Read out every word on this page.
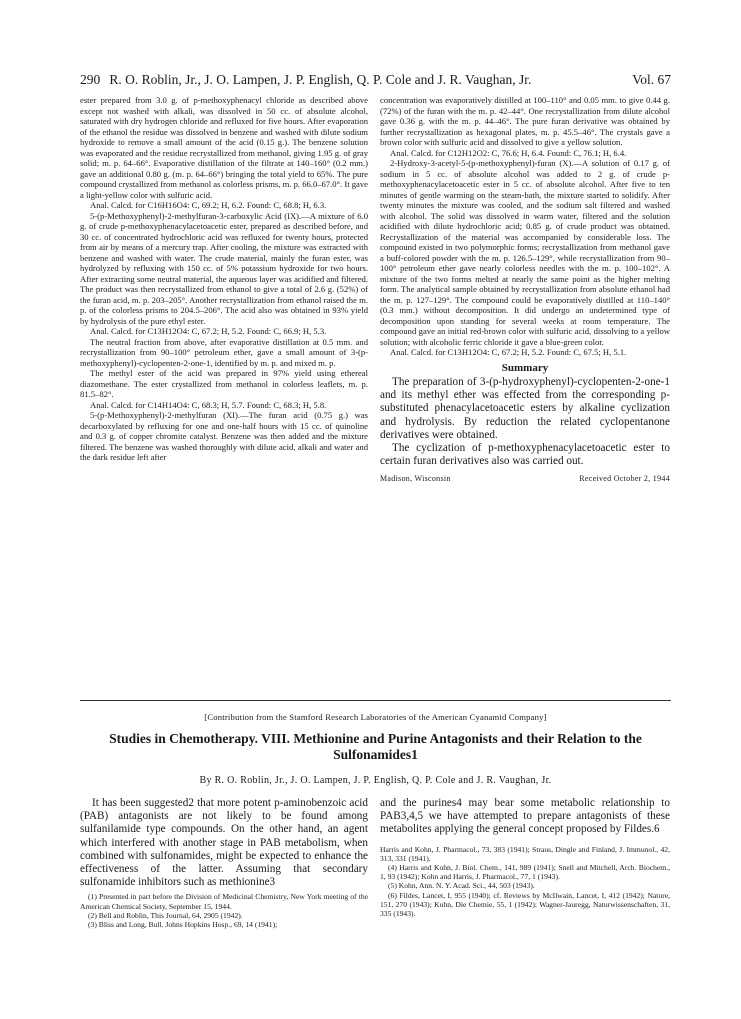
290 R. O. Roblin, Jr., J. O. Lampen, J. P. English, Q. P. Cole and J. R. Vaughan, Jr.	Vol. 67

ester prepared from 3.0 g. of p-methoxyphenacyl chloride as described above except not washed with alkali, was dissolved in 50 cc. of absolute alcohol, saturated with dry hydrogen chloride and refluxed for five hours. After evaporation of the ethanol the residue was dissolved in benzene and washed with dilute sodium hydroxide to remove a small amount of the acid (0.15 g.). The benzene solution was evaporated and the residue recrystallized from methanol, giving 1.95 g. of gray solid; m. p. 64–66°. Evaporative distillation of the filtrate at 140–160° (0.2 mm.) gave an additional 0.80 g. (m. p. 64–66°) bringing the total yield to 65%. The pure compound crystallized from methanol as colorless prisms, m. p. 66.0–67.0°. It gave a light-yellow color with sulfuric acid.

Anal. Calcd. for C16H16O4: C, 69.2; H, 6.2. Found: C, 68.8; H, 6.3.

5-(p-Methoxyphenyl)-2-methylfuran-3-carboxylic Acid (IX).—A mixture of 6.0 g. of crude p-methoxyphenacylacetoacetic ester, prepared as described before, and 30 cc. of concentrated hydrochloric acid was refluxed for twenty hours, protected from air by means of a mercury trap. After cooling, the mixture was extracted with benzene and washed with water. The crude material, mainly the furan ester, was hydrolyzed by refluxing with 150 cc. of 5% potassium hydroxide for two hours. After extracting some neutral material, the aqueous layer was acidified and filtered. The product was then recrystallized from ethanol to give a total of 2.6 g. (52%) of the furan acid, m. p. 203–205°. Another recrystallization from ethanol raised the m. p. of the colorless prisms to 204.5–206°. The acid also was obtained in 93% yield by hydrolysis of the pure ethyl ester.

Anal. Calcd. for C13H12O4: C, 67.2; H, 5.2. Found: C, 66.9; H, 5.3.

The neutral fraction from above, after evaporative distillation at 0.5 mm. and recrystallization from 90–100° petroleum ether, gave a small amount of 3-(p-methoxyphenyl)-cyclopenten-2-one-1, identified by m. p. and mixed m. p.

The methyl ester of the acid was prepared in 97% yield using ethereal diazomethane. The ester crystallized from methanol in colorless leaflets, m. p. 81.5–82°.

Anal. Calcd. for C14H14O4: C, 68.3; H, 5.7. Found: C, 68.3; H, 5.8.

5-(p-Methoxyphenyl)-2-methylfuran (XI).—The furan acid (0.75 g.) was decarboxylated by refluxing for one and one-half hours with 15 cc. of quinoline and 0.3 g. of copper chromite catalyst. Benzene was then added and the mixture filtered. The benzene was washed thoroughly with dilute acid, alkali and water and the dark residue left after

concentration was evaporatively distilled at 100–110° and 0.05 mm. to give 0.44 g. (72%) of the furan with the m. p. 42–44°. One recrystallization from dilute alcohol gave 0.36 g. with the m. p. 44–46°. The pure furan derivative was obtained by further recrystallization as hexagonal plates, m. p. 45.5–46°. The crystals gave a brown color with sulfuric acid and dissolved to give a yellow solution.

Anal. Calcd. for C12H12O2: C, 76.6; H, 6.4. Found: C, 76.1; H, 6.4.

2-Hydroxy-3-acetyl-5-(p-methoxyphenyl)-furan (X).—A solution of 0.17 g. of sodium in 5 cc. of absolute alcohol was added to 2 g. of crude p-methoxyphenacylacetoacetic ester in 5 cc. of absolute alcohol. After five to ten minutes of gentle warming on the steam-bath, the mixture started to solidify. After twenty minutes the mixture was cooled, and the sodium salt filtered and washed with alcohol. The solid was dissolved in warm water, filtered and the solution acidified with dilute hydrochloric acid; 0.85 g. of crude product was obtained. Recrystallization of the material was accompanied by considerable loss. The compound existed in two polymorphic forms; recrystallization from methanol gave a buff-colored powder with the m. p. 126.5–129°, while recrystallization from 90–100° petroleum ether gave nearly colorless needles with the m. p. 100–102°. A mixture of the two forms melted at nearly the same point as the higher melting form. The analytical sample obtained by recrystallization from absolute ethanol had the m. p. 127–129°. The compound could be evaporatively distilled at 110–140° (0.3 mm.) without decomposition. It did undergo an undetermined type of decomposition upon standing for several weeks at room temperature. The compound gave an initial red-brown color with sulfuric acid, dissolving to a yellow solution; with alcoholic ferric chloride it gave a blue-green color.

Anal. Calcd. for C13H12O4: C, 67.2; H, 5.2. Found: C, 67.5; H, 5.1.

Summary

The preparation of 3-(p-hydroxyphenyl)-cyclopenten-2-one-1 and its methyl ether was effected from the corresponding p-substituted phenacylacetoacetic esters by alkaline cyclization and hydrolysis. By reduction the related cyclopentanone derivatives were obtained.

The cyclization of p-methoxyphenacylacetoacetic ester to certain furan derivatives also was carried out.

Madison, Wisconsin	Received October 2, 1944
[Contribution from the Stamford Research Laboratories of the American Cyanamid Company]
Studies in Chemotherapy. VIII. Methionine and Purine Antagonists and their Relation to the Sulfonamides1
By R. O. Roblin, Jr., J. O. Lampen, J. P. English, Q. P. Cole and J. R. Vaughan, Jr.

It has been suggested2 that more potent p-aminobenzoic acid (PAB) antagonists are not likely to be found among sulfanilamide type compounds. On the other hand, an agent which interfered with another stage in PAB metabolism, when combined with sulfonamides, might be expected to enhance the effectiveness of the latter. Assuming that secondary sulfonamide inhibitors such as methionine3

(1) Presented in part before the Division of Medicinal Chemistry, New York meeting of the American Chemical Society, September 15, 1944.

(2) Bell and Roblin, This Journal, 64, 2905 (1942).

(3) Bliss and Long, Bull. Johns Hopkins Hosp., 69, 14 (1941);

and the purines4 may bear some metabolic relationship to PAB3,4,5 we have attempted to prepare antagonists of these metabolites applying the general concept proposed by Fildes.6

Harris and Kohn, J. Pharmacol., 73, 383 (1941); Straus, Dingle and Finland, J. Immunol., 42, 313, 331 (1941).

(4) Harris and Kohn, J. Biol. Chem., 141, 989 (1941); Snell and Mitchell, Arch. Biochem., 1, 93 (1942); Kohn and Harris, J. Pharmacol., 77, 1 (1943).

(5) Kohn, Ann. N. Y. Acad. Sci., 44, 503 (1943).

(6) Fildes, Lancet, I, 955 (1940); cf. Reviews by McIlwain, Lancet, I, 412 (1942); Nature, 151, 270 (1943); Kuhn, Die Chemie, 55, 1 (1942); Wagner-Jauregg, Naturwissenschaften, 31, 335 (1943).
